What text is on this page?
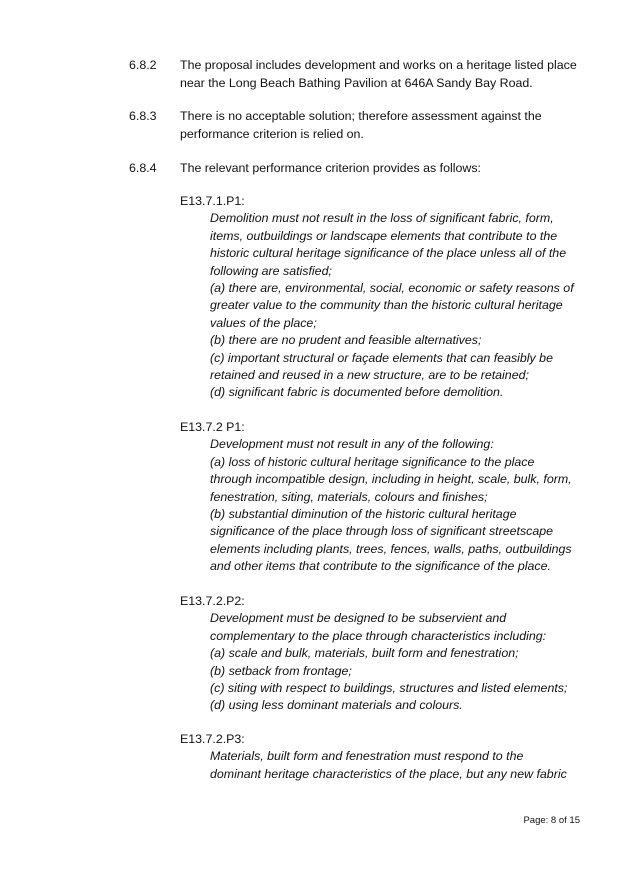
6.8.2 The proposal includes development and works on a heritage listed place
near the Long Beach Bathing Pavilion at 646A Sandy Bay Road.
6.8.3 There is no acceptable solution; therefore assessment against the
performance criterion is relied on.
6.8.4 The relevant performance criterion provides as follows:
E13.7.1.P1:
Demolition must not result in the loss of significant fabric, form,
items, outbuildings or landscape elements that contribute to the
historic cultural heritage significance of the place unless all of the
following are satisfied;
(a) there are, environmental, social, economic or safety reasons of
greater value to the community than the historic cultural heritage
values of the place;
(b) there are no prudent and feasible alternatives;
(c) important structural or façade elements that can feasibly be
retained and reused in a new structure, are to be retained;
(d) significant fabric is documented before demolition.
E13.7.2 P1:
Development must not result in any of the following:
(a) loss of historic cultural heritage significance to the place
through incompatible design, including in height, scale, bulk, form,
fenestration, siting, materials, colours and finishes;
(b) substantial diminution of the historic cultural heritage
significance of the place through loss of significant streetscape
elements including plants, trees, fences, walls, paths, outbuildings
and other items that contribute to the significance of the place.
E13.7.2.P2:
Development must be designed to be subservient and
complementary to the place through characteristics including:
(a) scale and bulk, materials, built form and fenestration;
(b) setback from frontage;
(c) siting with respect to buildings, structures and listed elements;
(d) using less dominant materials and colours.
E13.7.2.P3:
Materials, built form and fenestration must respond to the
dominant heritage characteristics of the place, but any new fabric
Page: 8 of 15
